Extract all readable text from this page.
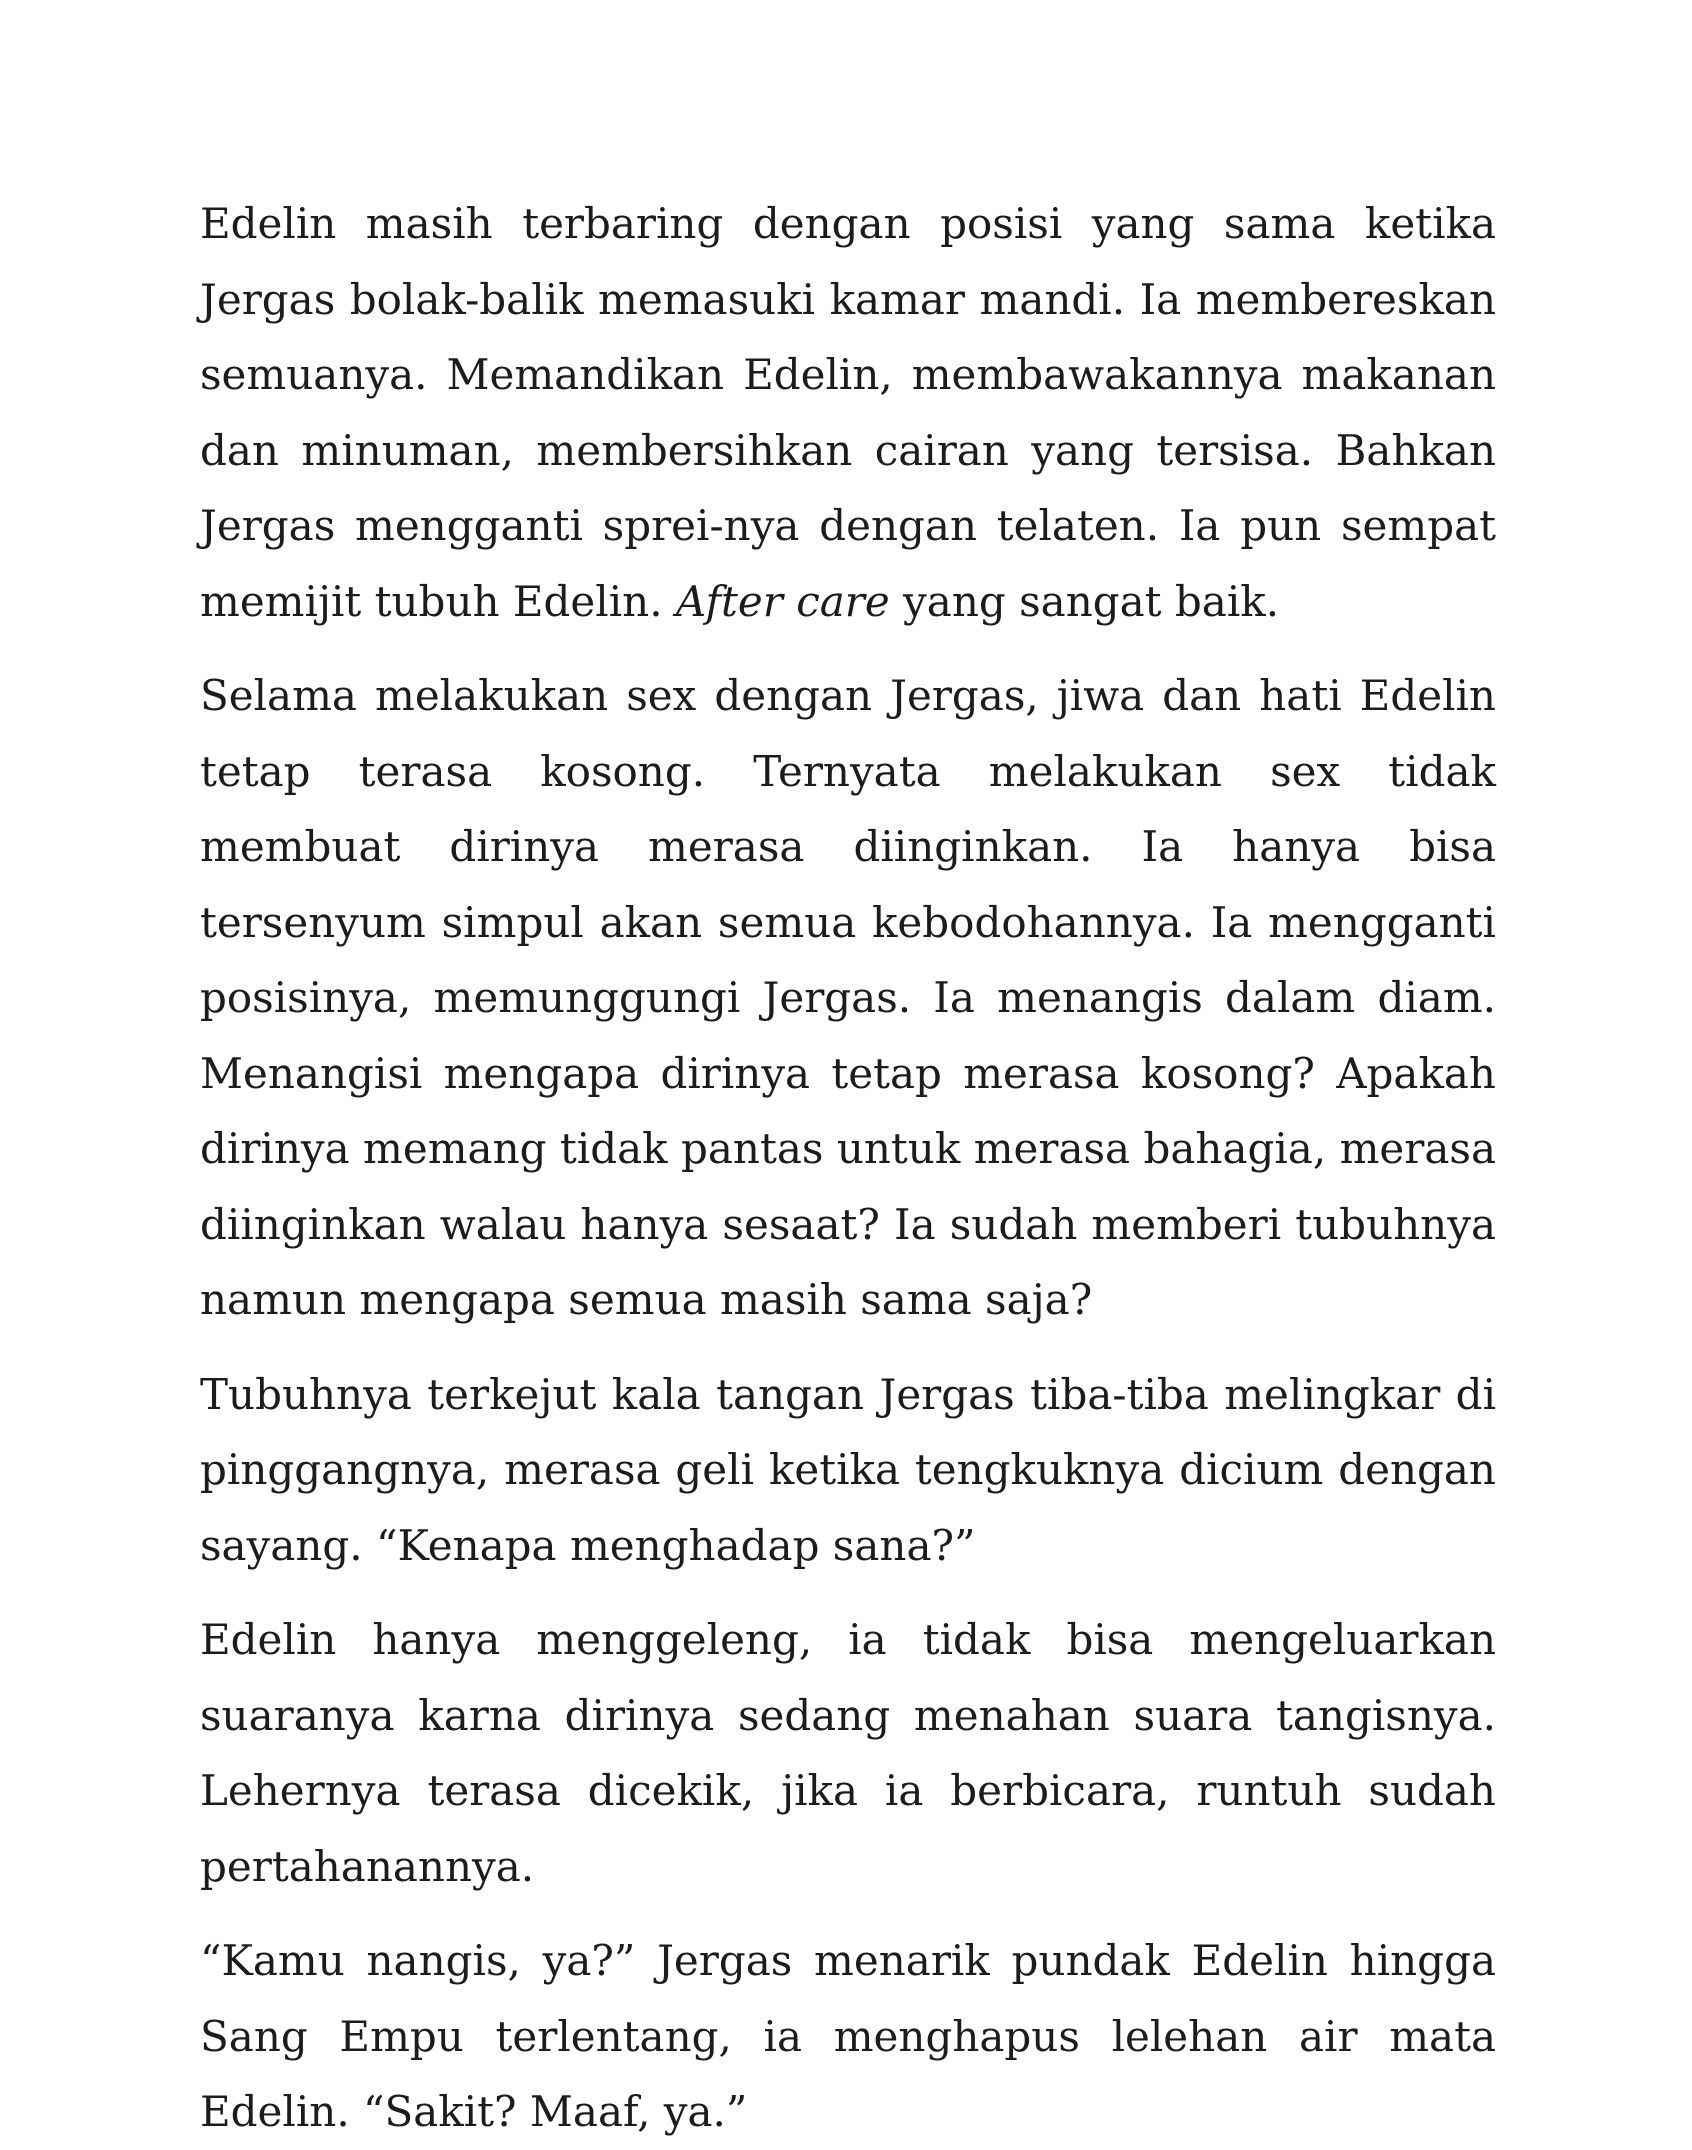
Edelin masih terbaring dengan posisi yang sama ketika Jergas bolak-balik memasuki kamar mandi. Ia membereskan semuanya. Memandikan Edelin, membawakannya makanan dan minuman, membersihkan cairan yang tersisa. Bahkan Jergas mengganti sprei-nya dengan telaten. Ia pun sempat memijit tubuh Edelin. After care yang sangat baik.

Selama melakukan sex dengan Jergas, jiwa dan hati Edelin tetap terasa kosong. Ternyata melakukan sex tidak membuat dirinya merasa diinginkan. Ia hanya bisa tersenyum simpul akan semua kebodohannya. Ia mengganti posisinya, memunggungi Jergas. Ia menangis dalam diam. Menangisi mengapa dirinya tetap merasa kosong? Apakah dirinya memang tidak pantas untuk merasa bahagia, merasa diinginkan walau hanya sesaat? Ia sudah memberi tubuhnya namun mengapa semua masih sama saja?

Tubuhnya terkejut kala tangan Jergas tiba-tiba melingkar di pinggangnya, merasa geli ketika tengkuknya dicium dengan sayang. “Kenapa menghadap sana?”

Edelin hanya menggeleng, ia tidak bisa mengeluarkan suaranya karna dirinya sedang menahan suara tangisnya. Lehernya terasa dicekik, jika ia berbicara, runtuh sudah pertahanannya.

“Kamu nangis, ya?” Jergas menarik pundak Edelin hingga Sang Empu terlentang, ia menghapus lelehan air mata Edelin. “Sakit? Maaf, ya.”
